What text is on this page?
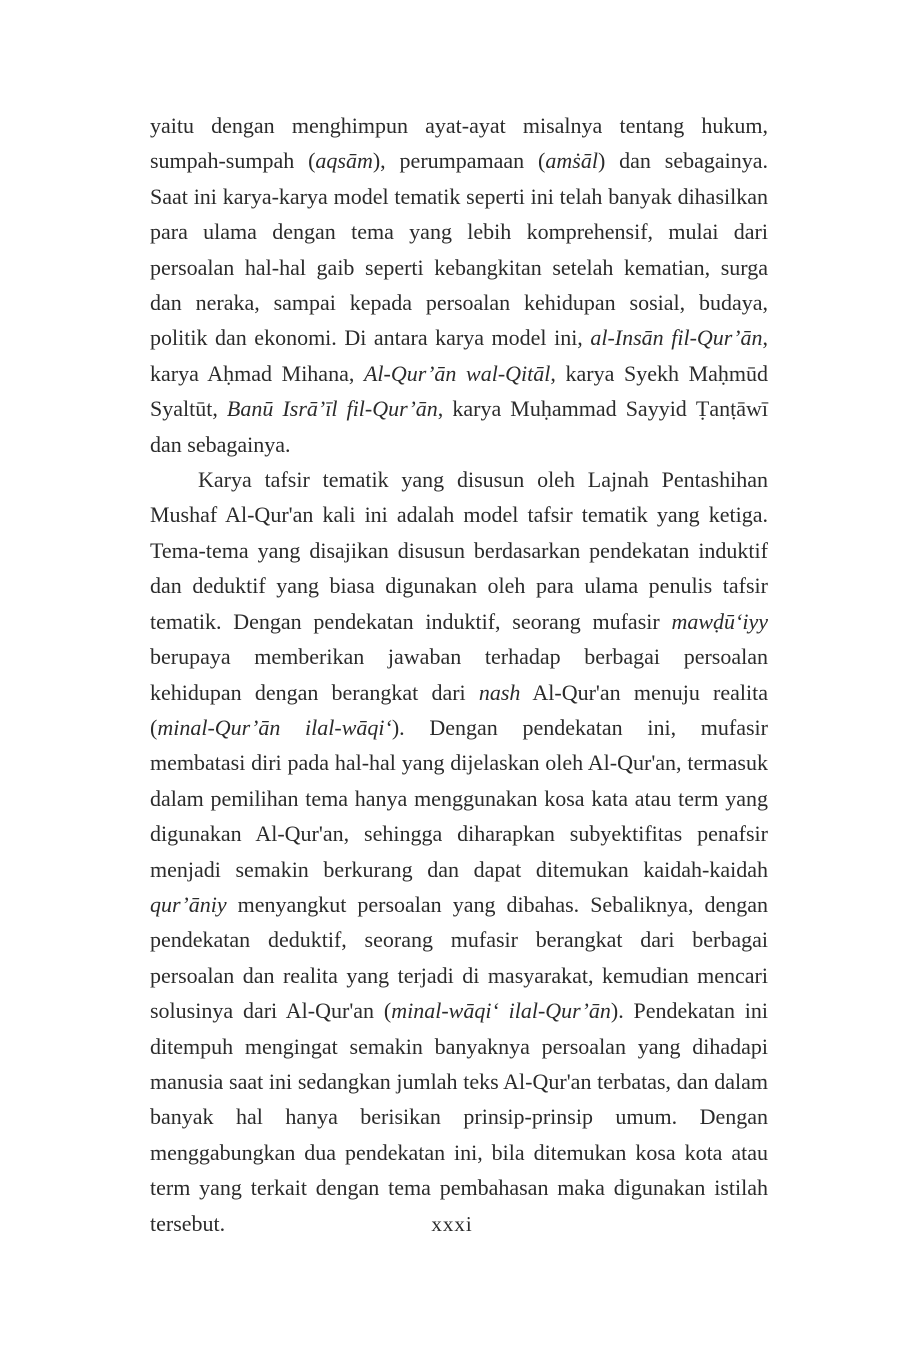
yaitu dengan menghimpun ayat-ayat misalnya tentang hukum, sumpah-sumpah (aqsām), perumpamaan (amṡāl) dan sebagainya. Saat ini karya-karya model tematik seperti ini telah banyak dihasilkan para ulama dengan tema yang lebih komprehensif, mulai dari persoalan hal-hal gaib seperti kebangkitan setelah kematian, surga dan neraka, sampai kepada persoalan kehidupan sosial, budaya, politik dan ekonomi. Di antara karya model ini, al-Insān fil-Qur’ān, karya Aḥmad Mihana, Al-Qur’ān wal-Qitāl, karya Syekh Maḥmūd Syaltūt, Banū Isrā’īl fil-Qur’ān, karya Muḥammad Sayyid Ṭanṭāwī dan sebagainya.

Karya tafsir tematik yang disusun oleh Lajnah Pentashihan Mushaf Al-Qur'an kali ini adalah model tafsir tematik yang ketiga. Tema-tema yang disajikan disusun berdasarkan pendekatan induktif dan deduktif yang biasa digunakan oleh para ulama penulis tafsir tematik. Dengan pendekatan induktif, seorang mufasir mawḍū‘iyy berupaya memberikan jawaban terhadap berbagai persoalan kehidupan dengan berangkat dari nash Al-Qur'an menuju realita (minal-Qur’ān ilal-wāqi‘). Dengan pendekatan ini, mufasir membatasi diri pada hal-hal yang dijelaskan oleh Al-Qur'an, termasuk dalam pemilihan tema hanya menggunakan kosa kata atau term yang digunakan Al-Qur'an, sehingga diharapkan subyektifitas penafsir menjadi semakin berkurang dan dapat ditemukan kaidah-kaidah qur’āniy menyangkut persoalan yang dibahas. Sebaliknya, dengan pendekatan deduktif, seorang mufasir berangkat dari berbagai persoalan dan realita yang terjadi di masyarakat, kemudian mencari solusinya dari Al-Qur'an (minal-wāqi‘ ilal-Qur’ān). Pendekatan ini ditempuh mengingat semakin banyaknya persoalan yang dihadapi manusia saat ini sedangkan jumlah teks Al-Qur'an terbatas, dan dalam banyak hal hanya berisikan prinsip-prinsip umum. Dengan menggabungkan dua pendekatan ini, bila ditemukan kosa kota atau term yang terkait dengan tema pembahasan maka digunakan istilah tersebut.	xxxi
